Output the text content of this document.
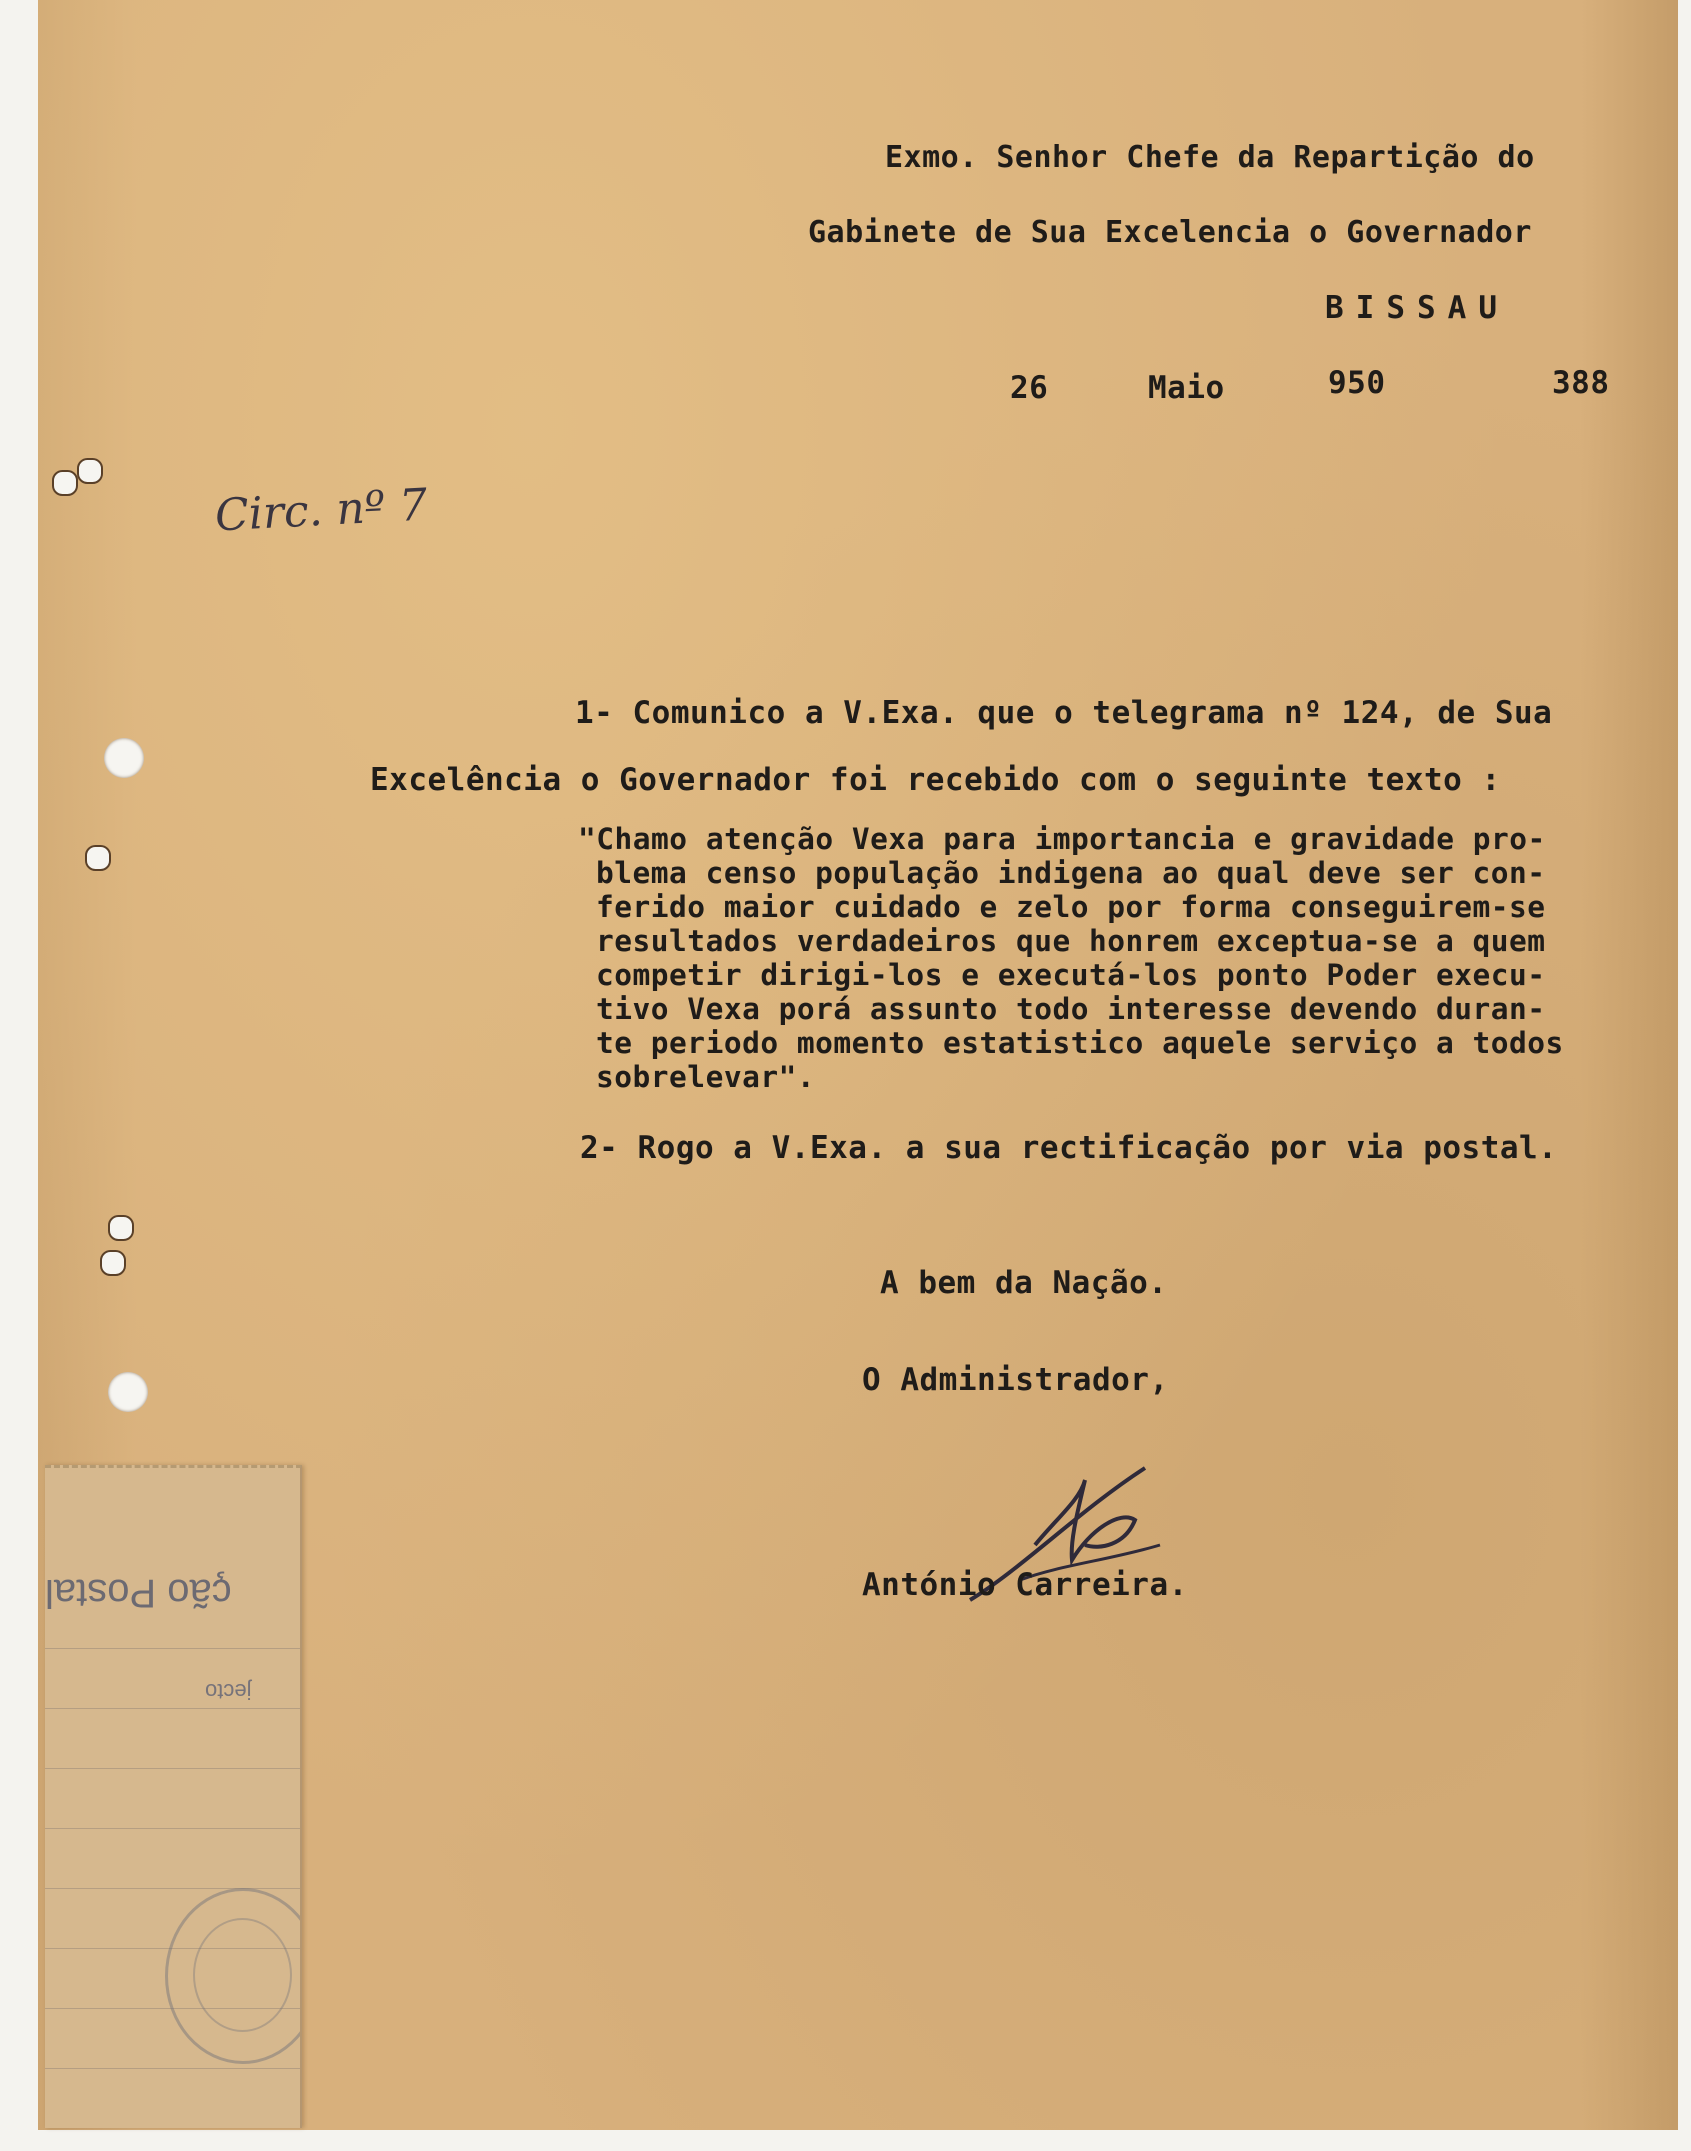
Exmo. Senhor Chefe da Repartição do
Gabinete de Sua Excelencia o Governador
BISSAU
26	Maio	950	388
Circ. nº 7
1- Comunico a V.Exa. que o telegrama nº 124, de Sua
Excelência o Governador foi recebido com o seguinte texto :
"Chamo atenção Vexa para importancia e gravidade pro-
blema censo população indigena ao qual deve ser con-
ferido maior cuidado e zelo por forma conseguirem-se
resultados verdadeiros que honrem exceptua-se a quem
competir dirigi-los e executá-los ponto Poder execu-
tivo Vexa porá assunto todo interesse devendo duran-
te periodo momento estatistico aquele serviço a todos
sobrelevar".
2- Rogo a V.Exa. a sua rectificação por via postal.
A bem da Nação.
O Administrador,
António Carreira.
ção Postal
jecto
